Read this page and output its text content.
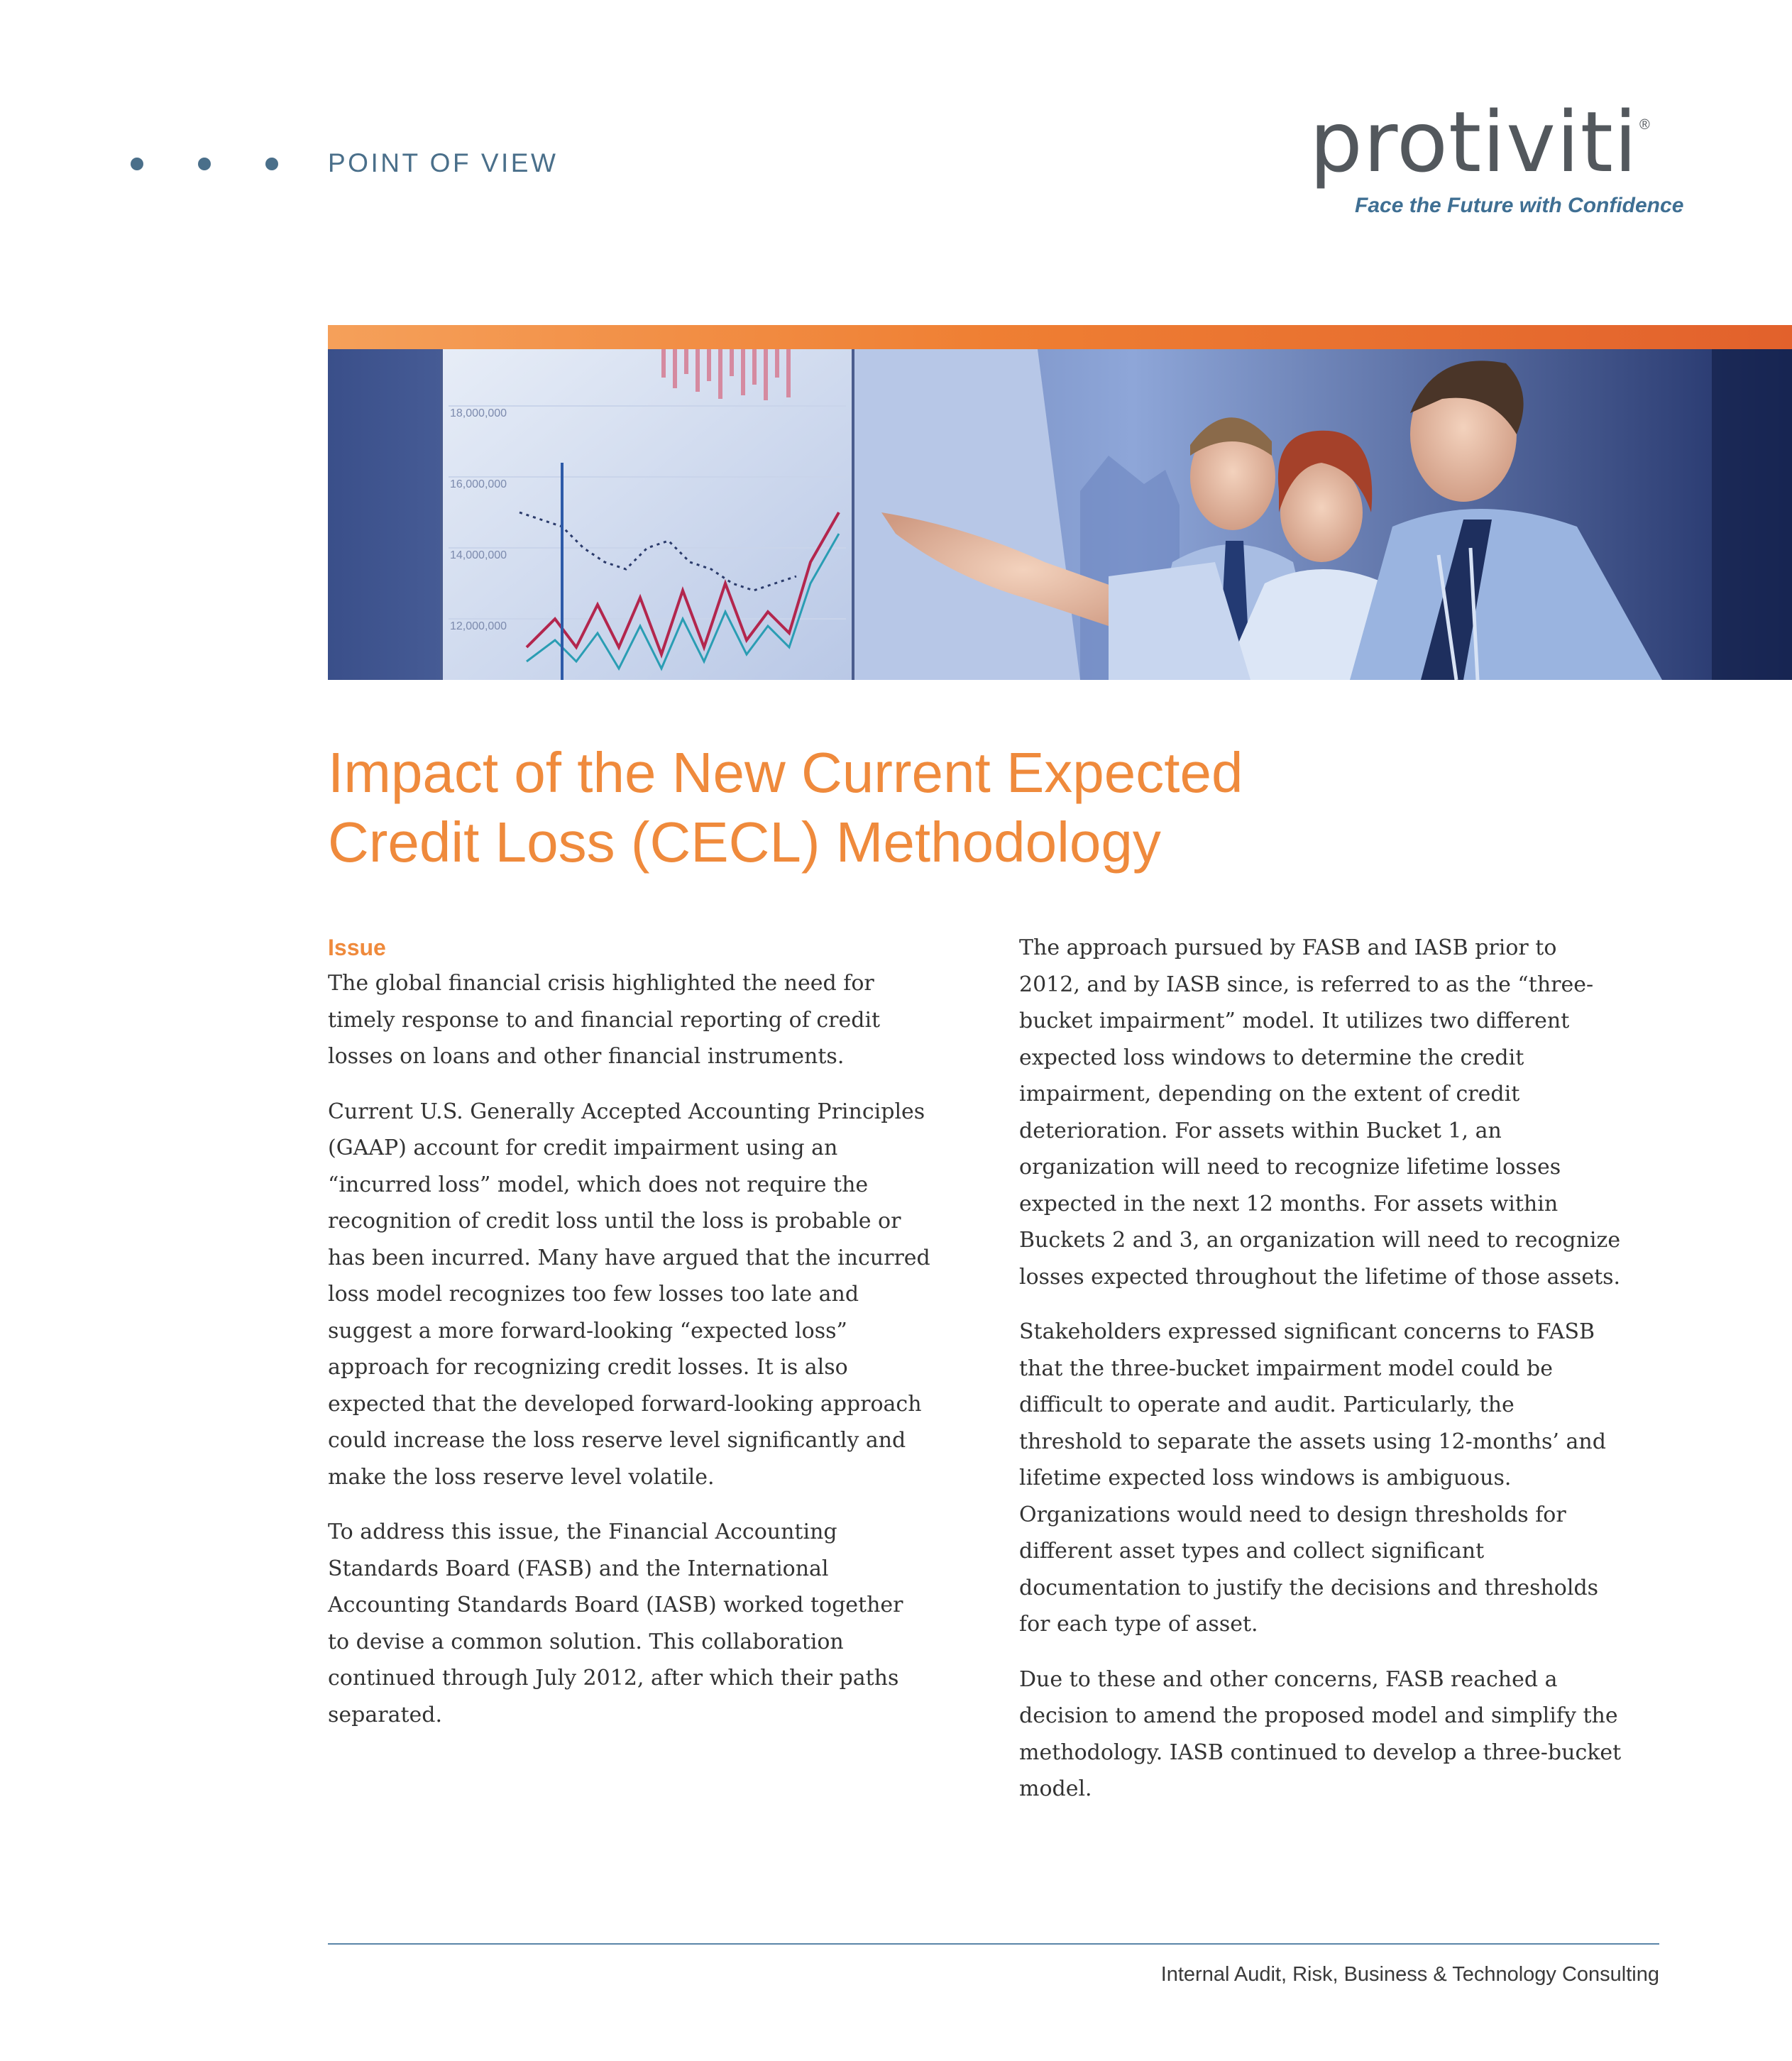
POINT OF VIEW	protiviti ®
Face the Future with Confidence
18,000,000
16,000,000
14,000,000
12,000,000
Impact of the New Current Expected
Credit Loss (CECL) Methodology
Issue

The global financial crisis highlighted the need for timely response to and financial reporting of credit losses on loans and other financial instruments.

Current U.S. Generally Accepted Accounting Principles (GAAP) account for credit impairment using an “incurred loss” model, which does not require the recognition of credit loss until the loss is probable or has been incurred. Many have argued that the incurred loss model recognizes too few losses too late and suggest a more forward-looking “expected loss” approach for recognizing credit losses. It is also expected that the developed forward-looking approach could increase the loss reserve level significantly and make the loss reserve level volatile.

To address this issue, the Financial Accounting Standards Board (FASB) and the International Accounting Standards Board (IASB) worked together to devise a common solution. This collaboration continued through July 2012, after which their paths separated.

The approach pursued by FASB and IASB prior to 2012, and by IASB since, is referred to as the “three-bucket impairment” model. It utilizes two different expected loss windows to determine the credit impairment, depending on the extent of credit deterioration. For assets within Bucket 1, an organization will need to recognize lifetime losses expected in the next 12 months. For assets within Buckets 2 and 3, an organization will need to recognize losses expected throughout the lifetime of those assets.

Stakeholders expressed significant concerns to FASB that the three-bucket impairment model could be difficult to operate and audit. Particularly, the threshold to separate the assets using 12-months’ and lifetime expected loss windows is ambiguous. Organizations would need to design thresholds for different asset types and collect significant documentation to justify the decisions and thresholds for each type of asset.

Due to these and other concerns, FASB reached a decision to amend the proposed model and simplify the methodology. IASB continued to develop a three-bucket model.

Internal Audit, Risk, Business & Technology Consulting
